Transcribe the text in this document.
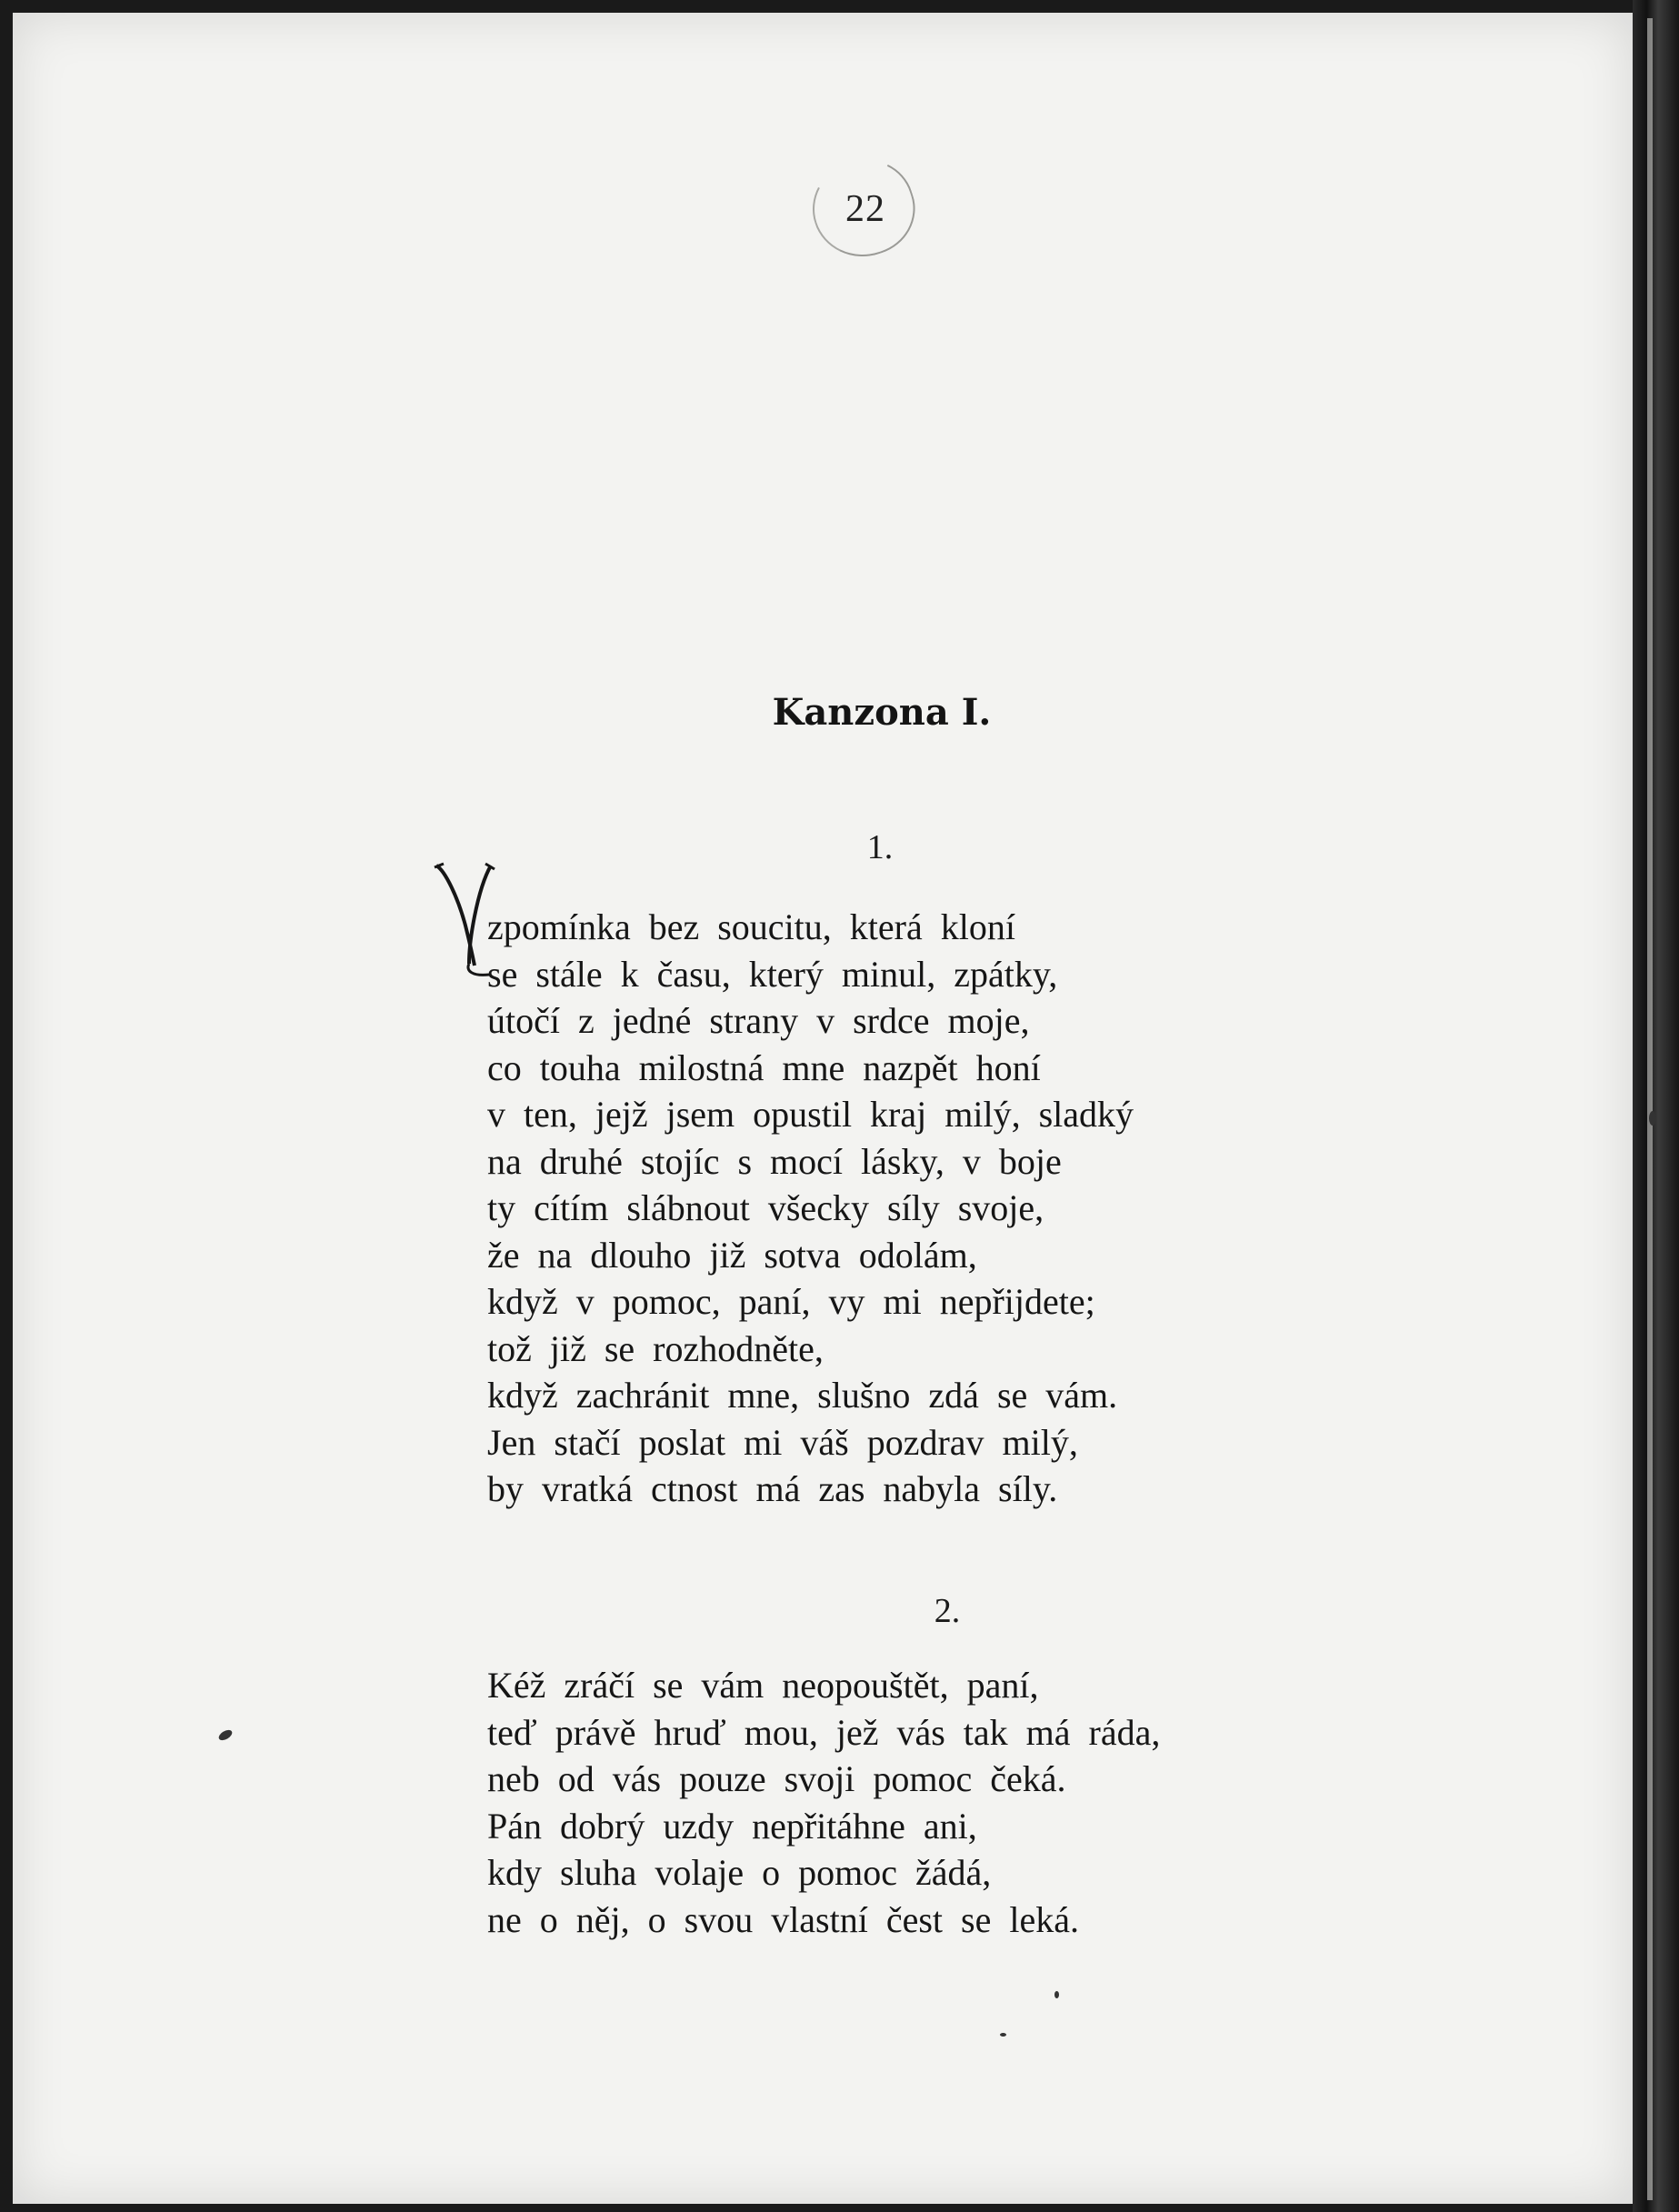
22
Kanzona I.
1.
zpomínka bez soucitu, která kloní
se stále k času, který minul, zpátky,
útočí z jedné strany v srdce moje,
co touha milostná mne nazpět honí
v ten, jejž jsem opustil kraj milý, sladký
na druhé stojíc s mocí lásky, v boje
ty cítím slábnout všecky síly svoje,
že na dlouho již sotva odolám,
když v pomoc, paní, vy mi nepřijdete;
tož již se rozhodněte,
když zachránit mne, slušno zdá se vám.
Jen stačí poslat mi váš pozdrav milý,
by vratká ctnost má zas nabyla síly.
2.
Kéž zráčí se vám neopouštět, paní,
teď právě hruď mou, jež vás tak má ráda,
neb od vás pouze svoji pomoc čeká.
Pán dobrý uzdy nepřitáhne ani,
kdy sluha volaje o pomoc žádá,
ne o něj, o svou vlastní čest se leká.
